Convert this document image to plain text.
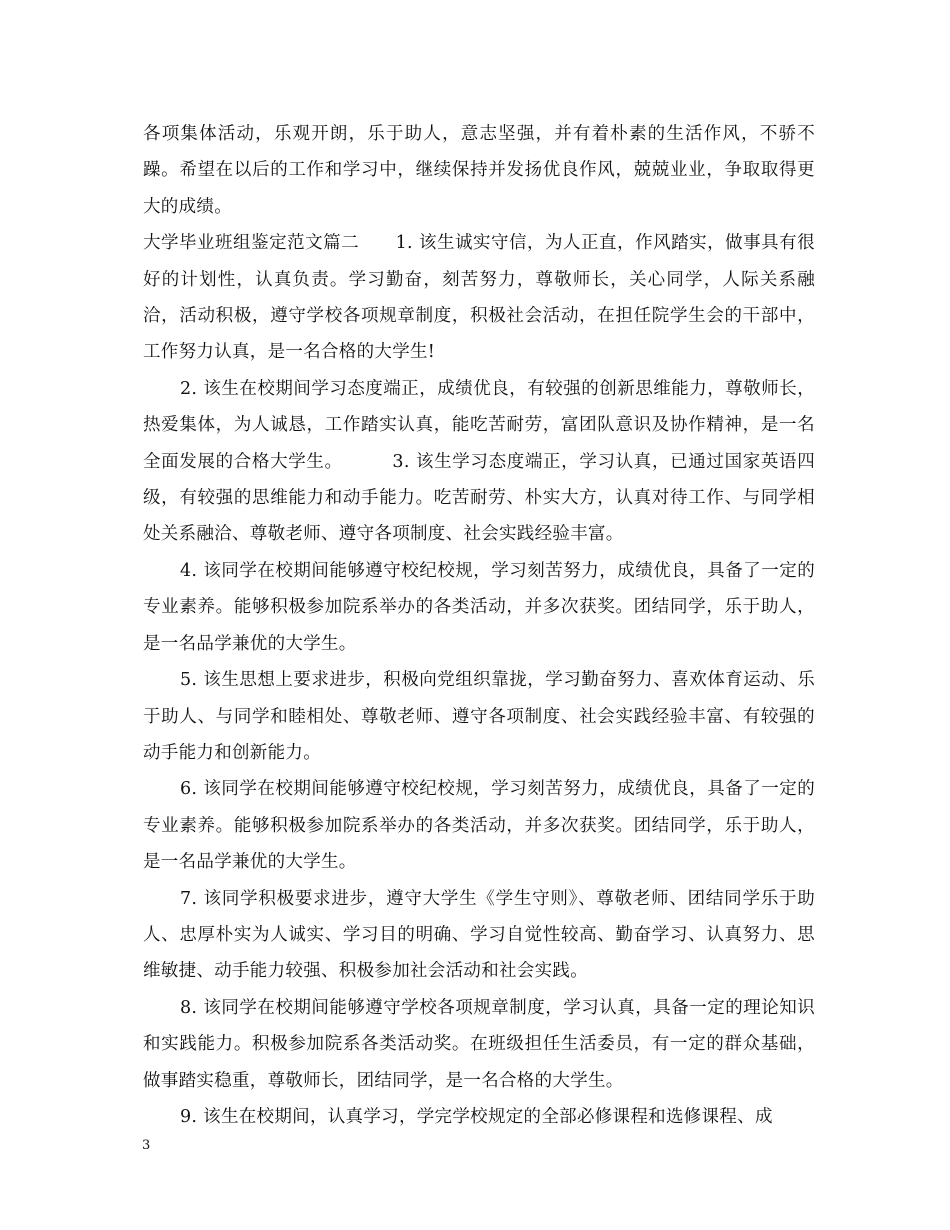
各项集体活动，乐观开朗，乐于助人，意志坚强，并有着朴素的生活作风，不骄不躁。希望在以后的工作和学习中，继续保持并发扬优良作风，兢兢业业，争取取得更大的成绩。

大学毕业班组鉴定范文篇二      1. 该生诚实守信，为人正直，作风踏实，做事具有很好的计划性，认真负责。学习勤奋，刻苦努力，尊敬师长，关心同学，人际关系融洽，活动积极，遵守学校各项规章制度，积极社会活动，在担任院学生会的干部中，工作努力认真，是一名合格的大学生!

2. 该生在校期间学习态度端正，成绩优良，有较强的创新思维能力，尊敬师长，热爱集体，为人诚恳，工作踏实认真，能吃苦耐劳，富团队意识及协作精神，是一名全面发展的合格大学生。        3. 该生学习态度端正，学习认真，已通过国家英语四级，有较强的思维能力和动手能力。吃苦耐劳、朴实大方，认真对待工作、与同学相处关系融洽、尊敬老师、遵守各项制度、社会实践经验丰富。

4. 该同学在校期间能够遵守校纪校规，学习刻苦努力，成绩优良，具备了一定的专业素养。能够积极参加院系举办的各类活动，并多次获奖。团结同学，乐于助人，是一名品学兼优的大学生。

5. 该生思想上要求进步，积极向党组织靠拢，学习勤奋努力、喜欢体育运动、乐于助人、与同学和睦相处、尊敬老师、遵守各项制度、社会实践经验丰富、有较强的动手能力和创新能力。

6. 该同学在校期间能够遵守校纪校规，学习刻苦努力，成绩优良，具备了一定的专业素养。能够积极参加院系举办的各类活动，并多次获奖。团结同学，乐于助人，是一名品学兼优的大学生。

7. 该同学积极要求进步，遵守大学生《学生守则》、尊敬老师、团结同学乐于助人、忠厚朴实为人诚实、学习目的明确、学习自觉性较高、勤奋学习、认真努力、思维敏捷、动手能力较强、积极参加社会活动和社会实践。

8. 该同学在校期间能够遵守学校各项规章制度，学习认真，具备一定的理论知识和实践能力。积极参加院系各类活动奖。在班级担任生活委员，有一定的群众基础，做事踏实稳重，尊敬师长，团结同学，是一名合格的大学生。

9. 该生在校期间，认真学习，学完学校规定的全部必修课程和选修课程、成

3
